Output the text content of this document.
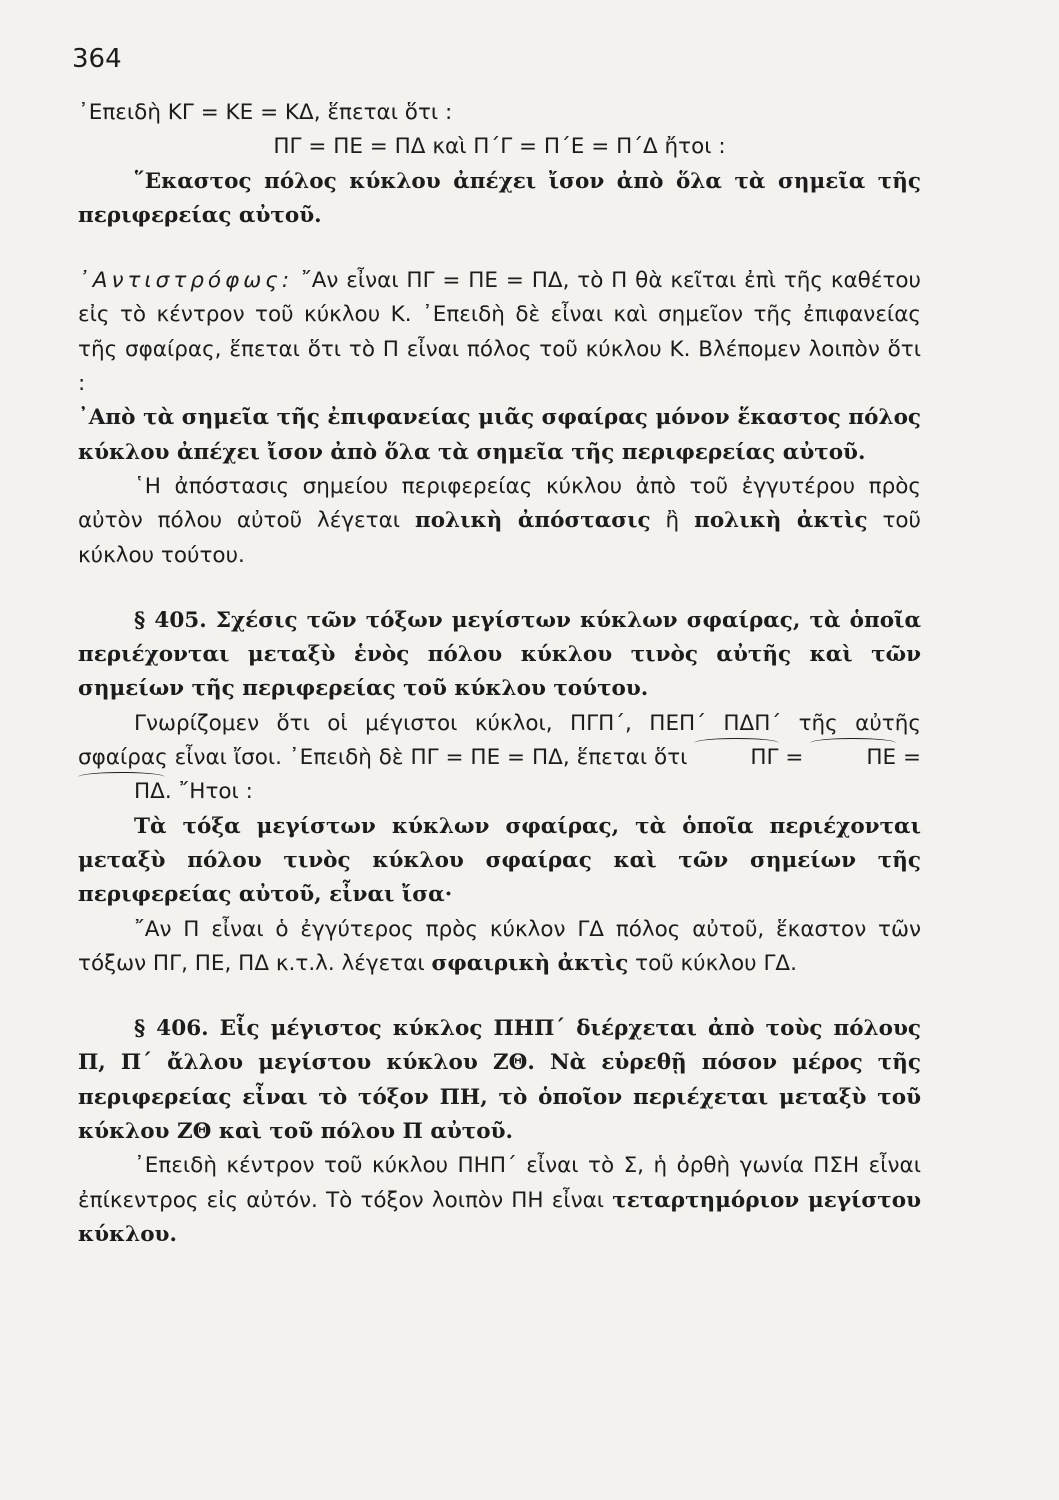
364

᾿Επειδὴ ΚΓ = ΚΕ = ΚΔ, ἕπεται ὅτι :

ΠΓ = ΠΕ = ΠΔ καὶ Π΄Γ = Π΄Ε = Π΄Δ ἤτοι :

῞Εκαστος πόλος κύκλου ἀπέχει ἴσον ἀπὸ ὅλα τὰ σημεῖα τῆς περιφερείας αὐτοῦ.

᾿Αντιστρόφως: ῎Αν εἶναι ΠΓ = ΠΕ = ΠΔ, τὸ Π θὰ κεῖται ἐπὶ τῆς καθέτου εἰς τὸ κέντρον τοῦ κύκλου Κ. ᾿Επειδὴ δὲ εἶναι καὶ σημεῖον τῆς ἐπιφανείας τῆς σφαίρας, ἕπεται ὅτι τὸ Π εἶναι πόλος τοῦ κύκλου Κ. Βλέπομεν λοιπὸν ὅτι :

᾿Απὸ τὰ σημεῖα τῆς ἐπιφανείας μιᾶς σφαίρας μόνον ἕκαστος πόλος κύκλου ἀπέχει ἴσον ἀπὸ ὅλα τὰ σημεῖα τῆς περιφερείας αὐτοῦ.

῾Η ἀπόστασις σημείου περιφερείας κύκλου ἀπὸ τοῦ ἐγγυτέρου πρὸς αὐτὸν πόλου αὐτοῦ λέγεται πολικὴ ἀπόστασις ἢ πολικὴ ἀκτὶς τοῦ κύκλου τούτου.

§ 405. Σχέσις τῶν τόξων μεγίστων κύκλων σφαίρας, τὰ ὁποῖα περιέχονται μεταξὺ ἑνὸς πόλου κύκλου τινὸς αὐτῆς καὶ τῶν σημείων τῆς περιφερείας τοῦ κύκλου τούτου.

Γνωρίζομεν ὅτι οἱ μέγιστοι κύκλοι, ΠΓΠ΄, ΠΕΠ΄ ΠΔΠ΄ τῆς αὐτῆς σφαίρας εἶναι ἴσοι. ᾿Επειδὴ δὲ ΠΓ = ΠΕ = ΠΔ, ἕπεται ὅτι	ΠΓ =	ΠΕ = ΠΔ. ῎Ητοι :

Τὰ τόξα μεγίστων κύκλων σφαίρας, τὰ ὁποῖα περιέχονται μεταξὺ πόλου τινὸς κύκλου σφαίρας καὶ τῶν σημείων τῆς περιφερείας αὐτοῦ, εἶναι ἴσα·

῎Αν Π εἶναι ὁ ἐγγύτερος πρὸς κύκλον ΓΔ πόλος αὐτοῦ, ἕκαστον τῶν τόξων ΠΓ, ΠΕ, ΠΔ κ.τ.λ. λέγεται σφαιρικὴ ἀκτὶς τοῦ κύκλου ΓΔ.

§ 406. Εἷς μέγιστος κύκλος ΠΗΠ΄ διέρχεται ἀπὸ τοὺς πόλους Π, Π΄ ἄλλου μεγίστου κύκλου ΖΘ. Νὰ εὑρεθῇ πόσον μέρος τῆς περιφερείας εἶναι τὸ τόξον ΠΗ, τὸ ὁποῖον περιέχεται μεταξὺ τοῦ κύκλου ΖΘ καὶ τοῦ πόλου Π αὐτοῦ.

᾿Επειδὴ κέντρον τοῦ κύκλου ΠΗΠ΄ εἶναι τὸ Σ, ἡ ὀρθὴ γωνία ΠΣΗ εἶναι ἐπίκεντρος εἰς αὐτόν. Τὸ τόξον λοιπὸν ΠΗ εἶναι τεταρτημόριον μεγίστου κύκλου.
